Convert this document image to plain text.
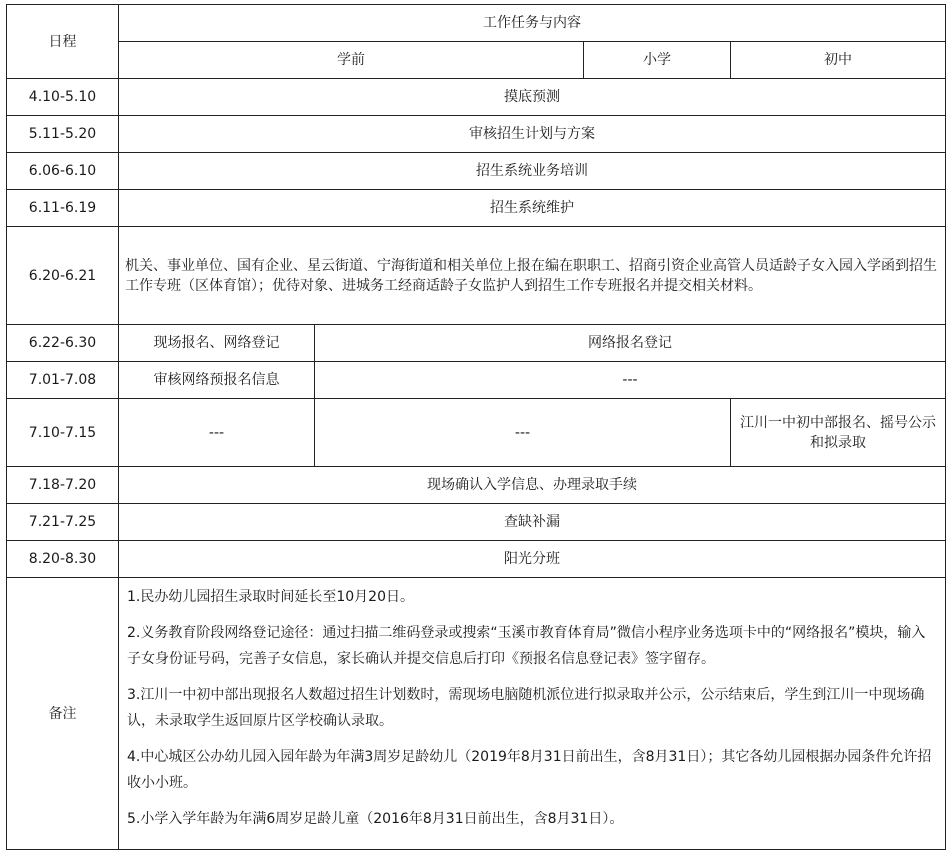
日程	工作任务与内容			
	学前		小学	初中
4.10-5.10	摸底预测			
5.11-5.20	审核招生计划与方案			
6.06-6.10	招生系统业务培训			
6.11-6.19	招生系统维护			
6.20-6.21	机关、事业单位、国有企业、星云街道、宁海街道和相关单位上报在编在职职工、招商引资企业高管人员适龄子女入园入学函到招生工作专班（区体育馆）；优待对象、进城务工经商适龄子女监护人到招生工作专班报名并提交相关材料。			
6.22-6.30	现场报名、网络登记	网络报名登记		
7.01-7.08	审核网络预报名信息	---		
7.10-7.15	---	---		江川一中初中部报名、摇号公示和拟录取
7.18-7.20	现场确认入学信息、办理录取手续			
7.21-7.25	查缺补漏			
8.20-8.30	阳光分班			
备注	1.民办幼儿园招生录取时间延长至10月20日。

2.义务教育阶段网络登记途径：通过扫描二维码登录或搜索“玉溪市教育体育局”微信小程序业务选项卡中的“网络报名”模块，输入子女身份证号码，完善子女信息，家长确认并提交信息后打印《预报名信息登记表》签字留存。

3.江川一中初中部出现报名人数超过招生计划数时，需现场电脑随机派位进行拟录取并公示，公示结束后，学生到江川一中现场确认，未录取学生返回原片区学校确认录取。

4.中心城区公办幼儿园入园年龄为年满3周岁足龄幼儿（2019年8月31日前出生，含8月31日）；其它各幼儿园根据办园条件允许招收小小班。

5.小学入学年龄为年满6周岁足龄儿童（2016年8月31日前出生，含8月31日）。			
